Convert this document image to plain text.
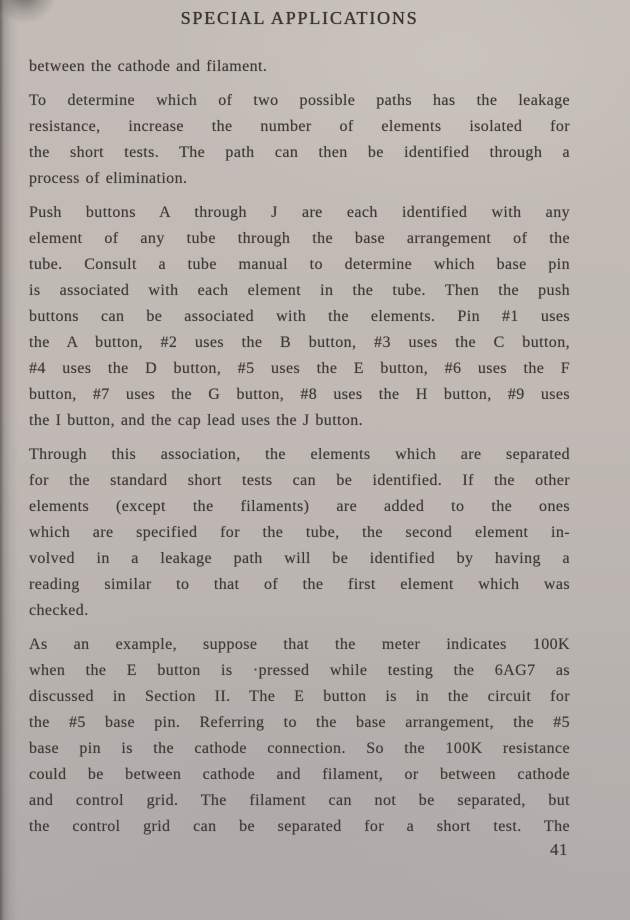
SPECIAL APPLICATIONS
between the cathode and filament.
To determine which of two possible paths has the leakage
resistance, increase the number of elements isolated for
the short tests. The path can then be identified through a
process of elimination.
Push buttons A through J are each identified with any
element of any tube through the base arrangement of the
tube. Consult a tube manual to determine which base pin
is associated with each element in the tube. Then the push
buttons can be associated with the elements. Pin #1 uses
the A button, #2 uses the B button, #3 uses the C button,
#4 uses the D button, #5 uses the E button, #6 uses the F
button, #7 uses the G button, #8 uses the H button, #9 uses
the I button, and the cap lead uses the J button.
Through this association, the elements which are separated
for the standard short tests can be identified. If the other
elements (except the filaments) are added to the ones
which are specified for the tube, the second element in-
volved in a leakage path will be identified by having a
reading similar to that of the first element which was
checked.
As an example, suppose that the meter indicates 100K
when the E button is ·pressed while testing the 6AG7 as
discussed in Section II. The E button is in the circuit for
the #5 base pin. Referring to the base arrangement, the #5
base pin is the cathode connection. So the 100K resistance
could be between cathode and filament, or between cathode
and control grid. The filament can not be separated, but
the control grid can be separated for a short test. The
41
